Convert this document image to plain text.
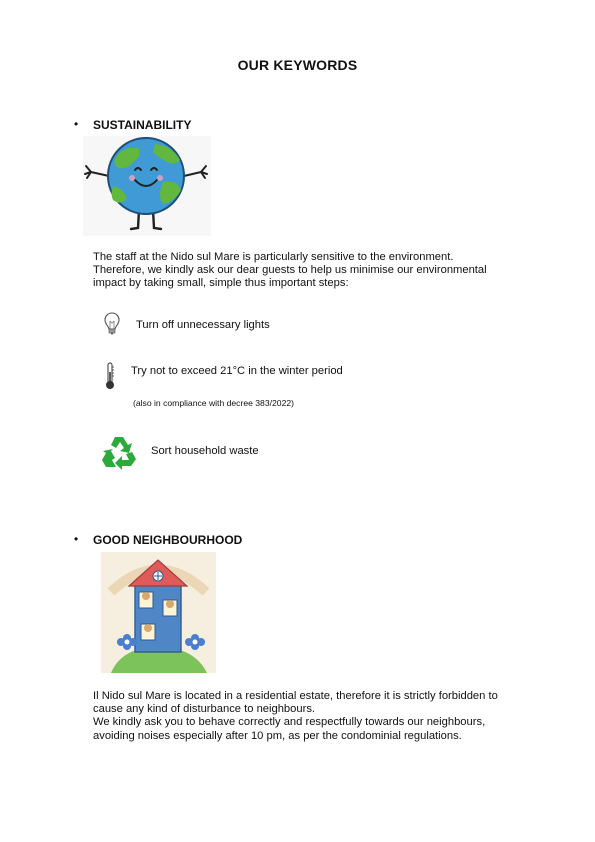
OUR KEYWORDS
• SUSTAINABILITY
The staff at the Nido sul Mare is particularly sensitive to the environment.
Therefore, we kindly ask our dear guests to help us minimise our environmental
impact by taking small, simple thus important steps:
Turn off unnecessary lights
Try not to exceed 21°C in the winter period
(also in compliance with decree 383/2022)
Sort household waste
• GOOD NEIGHBOURHOOD
Il Nido sul Mare is located in a residential estate, therefore it is strictly forbidden to
cause any kind of disturbance to neighbours.
We kindly ask you to behave correctly and respectfully towards our neighbours,
avoiding noises especially after 10 pm, as per the condominial regulations.
